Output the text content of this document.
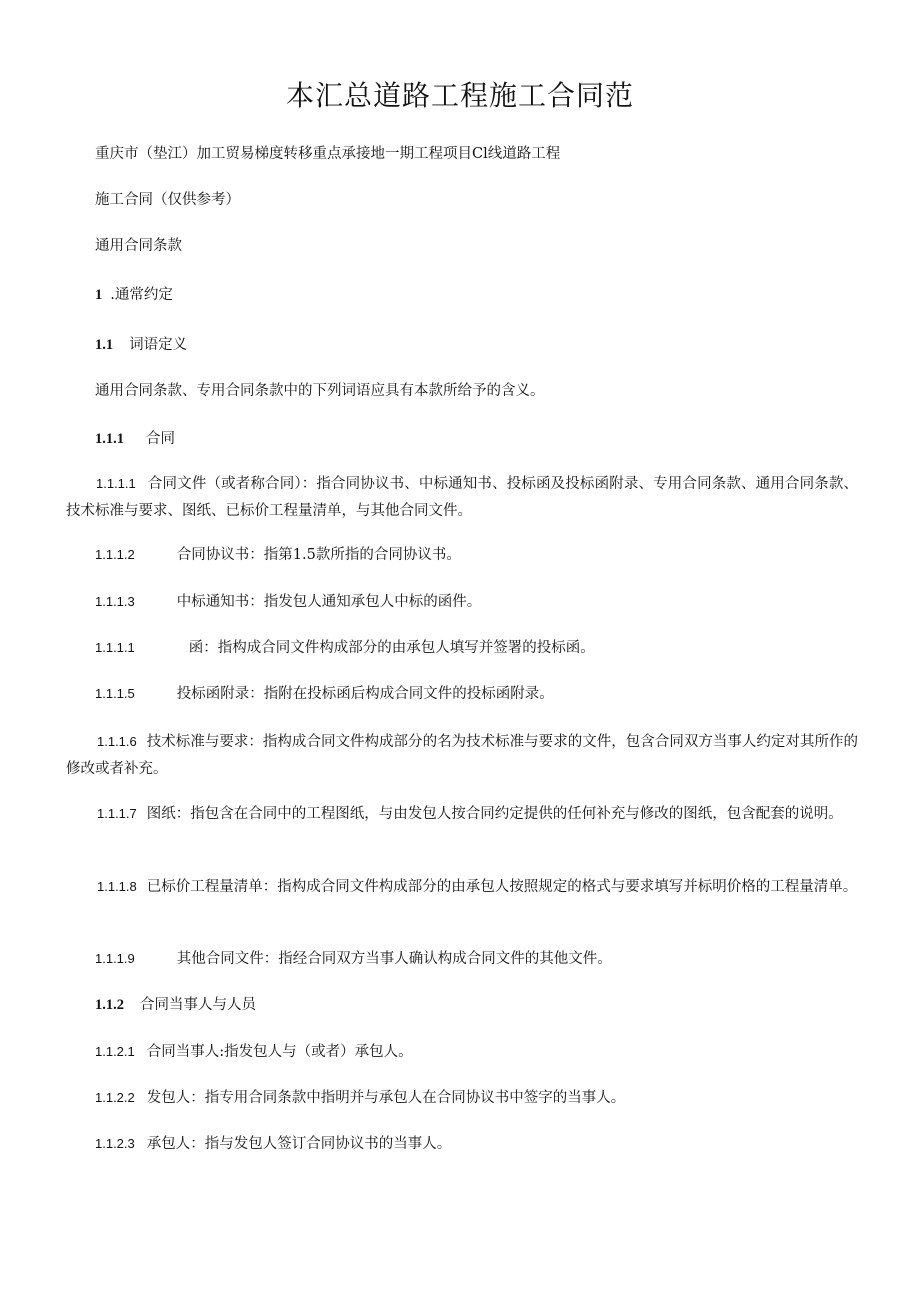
本汇总道路工程施工合同范
重庆市（垫江）加工贸易梯度转移重点承接地一期工程项目Cl线道路工程
施工合同（仅供参考）
通用合同条款
1 .通常约定
1.1 词语定义
通用合同条款、专用合同条款中的下列词语应具有本款所给予的含义。
1.1.1 合同
1.1.1.1 合同文件（或者称合同）：指合同协议书、中标通知书、投标函及投标函附录、专用合同条款、通用合同条款、技术标准与要求、图纸、已标价工程量清单，与其他合同文件。
1.1.1.2	合同协议书：指第1.5款所指的合同协议书。
1.1.1.3	中标通知书：指发包人通知承包人中标的函件。
1.1.1.1	函：指构成合同文件构成部分的由承包人填写并签署的投标函。
1.1.1.5	投标函附录：指附在投标函后构成合同文件的投标函附录。
1.1.1.6 技术标准与要求：指构成合同文件构成部分的名为技术标准与要求的文件，包含合同双方当事人约定对其所作的修改或者补充。
1.1.1.7 图纸：指包含在合同中的工程图纸，与由发包人按合同约定提供的任何补充与修改的图纸，包含配套的说明。
1.1.1.8 已标价工程量清单：指构成合同文件构成部分的由承包人按照规定的格式与要求填写并标明价格的工程量清单。
1.1.1.9	其他合同文件：指经合同双方当事人确认构成合同文件的其他文件。
1.1.2 合同当事人与人员
1.1.2.1 合同当事人:指发包人与（或者）承包人。
1.1.2.2 发包人：指专用合同条款中指明并与承包人在合同协议书中签字的当事人。
1.1.2.3 承包人：指与发包人签订合同协议书的当事人。
